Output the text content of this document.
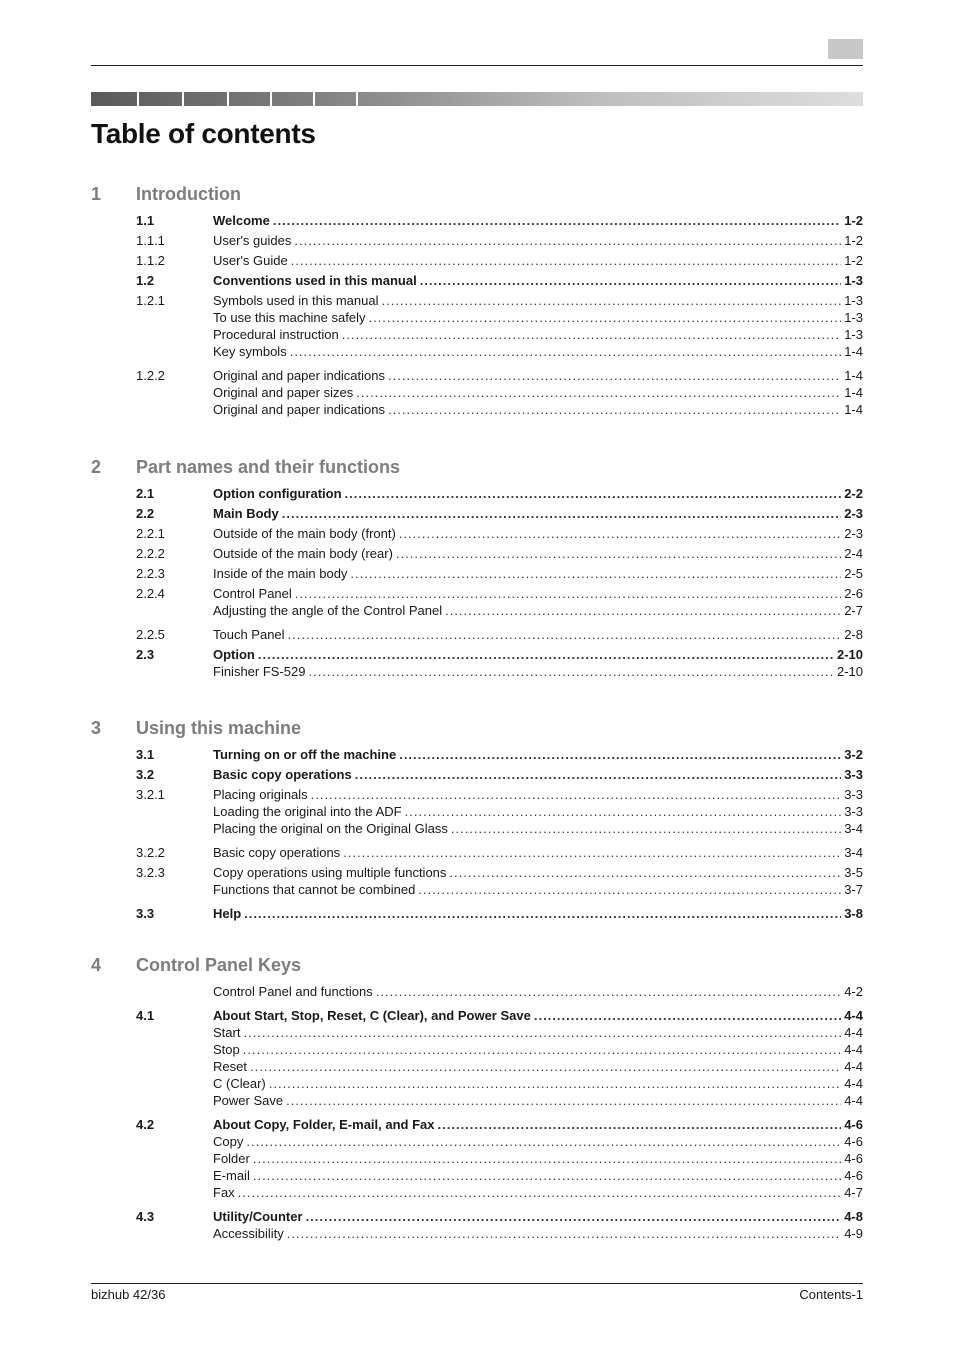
Table of contents
1 Introduction
1.1	Welcome .....	1-2
1.1.1	User's guides .....	1-2
1.1.2	User's Guide .....	1-2
1.2	Conventions used in this manual .....	1-3
1.2.1	Symbols used in this manual .....	1-3
To use this machine safely .....	1-3
Procedural instruction .....	1-3
Key symbols .....	1-4
1.2.2	Original and paper indications .....	1-4
Original and paper sizes .....	1-4
Original and paper indications .....	1-4
2 Part names and their functions
2.1	Option configuration .....	2-2
2.2	Main Body .....	2-3
2.2.1	Outside of the main body (front) .....	2-3
2.2.2	Outside of the main body (rear) .....	2-4
2.2.3	Inside of the main body .....	2-5
2.2.4	Control Panel .....	2-6
Adjusting the angle of the Control Panel .....	2-7
2.2.5	Touch Panel .....	2-8
2.3	Option .....	2-10
Finisher FS-529 .....	2-10
3 Using this machine
3.1	Turning on or off the machine .....	3-2
3.2	Basic copy operations .....	3-3
3.2.1	Placing originals .....	3-3
Loading the original into the ADF .....	3-3
Placing the original on the Original Glass .....	3-4
3.2.2	Basic copy operations .....	3-4
3.2.3	Copy operations using multiple functions .....	3-5
Functions that cannot be combined .....	3-7
3.3	Help .....	3-8
4 Control Panel Keys
Control Panel and functions .....	4-2
4.1	About Start, Stop, Reset, C (Clear), and Power Save .....	4-4
Start .....	4-4
Stop .....	4-4
Reset .....	4-4
C (Clear) .....	4-4
Power Save .....	4-4
4.2	About Copy, Folder, E-mail, and Fax .....	4-6
Copy .....	4-6
Folder .....	4-6
E-mail .....	4-6
Fax .....	4-7
4.3	Utility/Counter .....	4-8
Accessibility .....	4-9
bizhub 42/36	Contents-1
